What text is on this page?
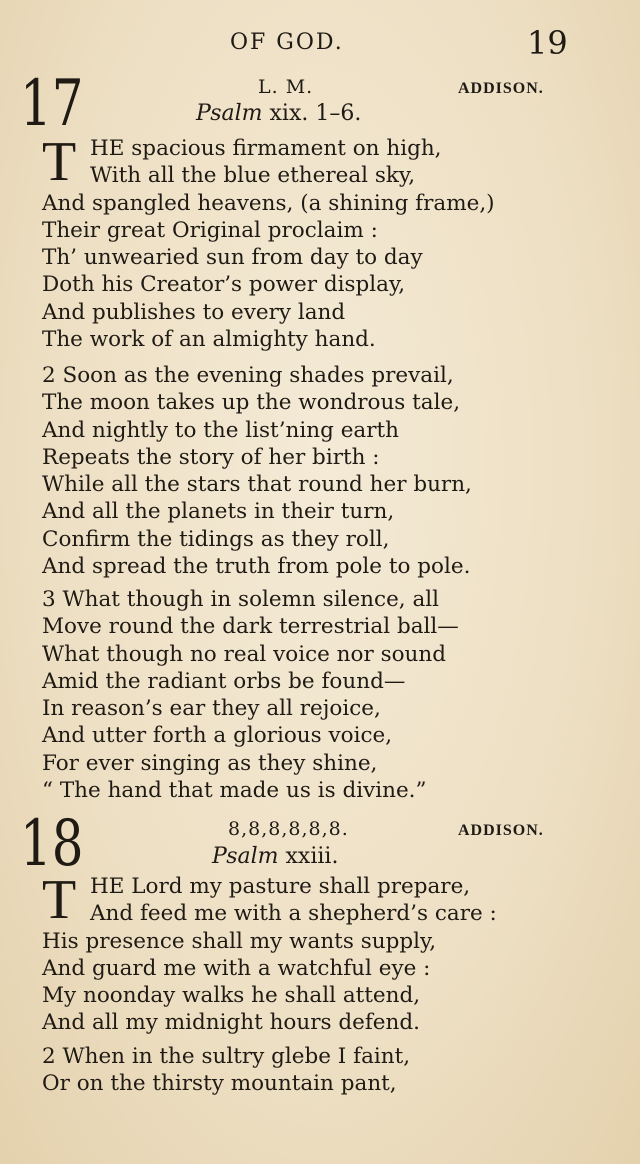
OF GOD.	19
17	L. M.	ADDISON.
Psalm xix. 1–6.
T HE spacious firmament on high,
With all the blue ethereal sky,
And spangled heavens, (a shining frame,)
Their great Original proclaim :
Th’ unwearied sun from day to day
Doth his Creator’s power display,
And publishes to every land
The work of an almighty hand.
2 Soon as the evening shades prevail,
The moon takes up the wondrous tale,
And nightly to the list’ning earth
Repeats the story of her birth :
While all the stars that round her burn,
And all the planets in their turn,
Confirm the tidings as they roll,
And spread the truth from pole to pole.
3 What though in solemn silence, all
Move round the dark terrestrial ball—
What though no real voice nor sound
Amid the radiant orbs be found—
In reason’s ear they all rejoice,
And utter forth a glorious voice,
For ever singing as they shine,
“ The hand that made us is divine.”
18	8,8,8,8,8,8.	ADDISON.
Psalm xxiii.
T HE Lord my pasture shall prepare,
And feed me with a shepherd’s care :
His presence shall my wants supply,
And guard me with a watchful eye :
My noonday walks he shall attend,
And all my midnight hours defend.
2 When in the sultry glebe I faint,
Or on the thirsty mountain pant,
